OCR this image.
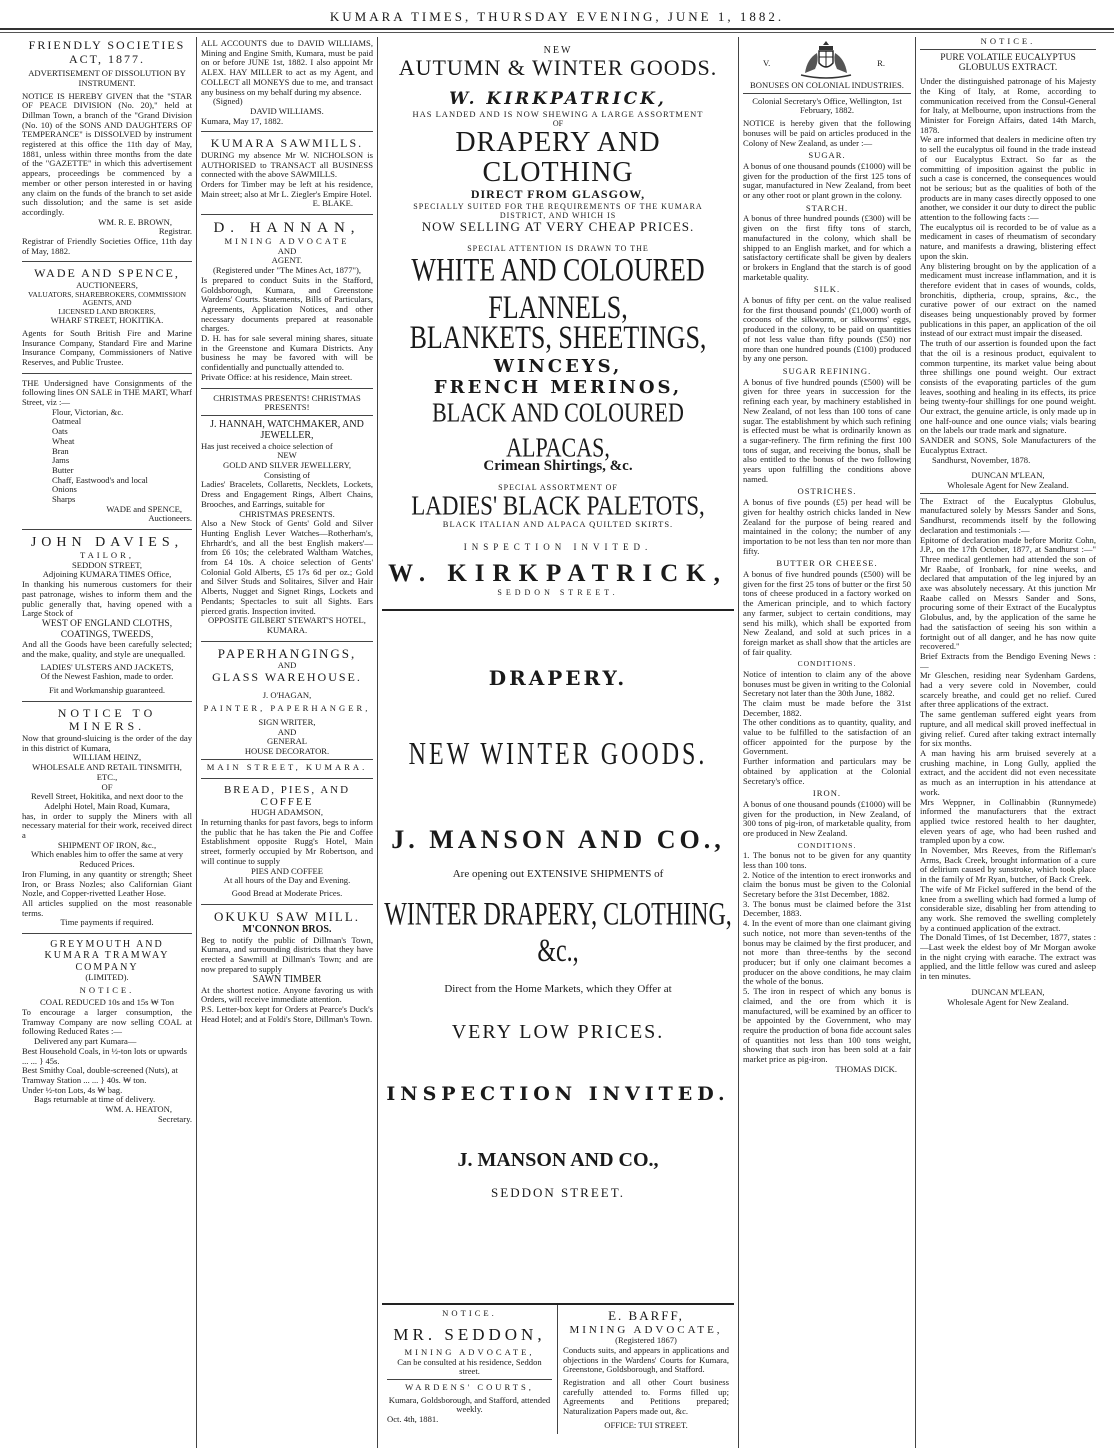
KUMARA TIMES, THURSDAY EVENING, JUNE 1, 1882.
FRIENDLY SOCIETIES ACT, 1877.
ADVERTISEMENT OF DISSOLUTION BY INSTRUMENT.
NOTICE IS HEREBY GIVEN that the "STAR OF PEACE DIVISION (No. 20)," held at Dillman Town, a branch of the "Grand Division (No. 10) of the SONS AND DAUGHTERS OF TEMPERANCE" is DISSOLVED by instrument registered at this office the 11th day of May, 1881, unless within three months from the date of the "GAZETTE" in which this advertisement appears, proceedings be commenced by a member or other person interested in or having any claim on the funds of the branch to set aside such dissolution; and the same is set aside accordingly.
WM. R. E. BROWN,
Registrar.
Registrar of Friendly Societies Office, 11th day of May, 1882.
WADE AND SPENCE,
AUCTIONEERS,
VALUATORS, SHAREBROKERS, COMMISSION AGENTS, AND
LICENSED LAND BROKERS,
WHARF STREET, HOKITIKA.
Agents for South British Fire and Marine Insurance Company, Standard Fire and Marine Insurance Company, Commissioners of Native Reserves, and Public Trustee.
THE Undersigned have Consignments of the following lines ON SALE in THE MART, Wharf Street, viz :—
Flour, Victorian, &c.
Oatmeal
Oats
Wheat
Bran
Jams
Butter
Chaff, Eastwood's and local
Onions
Sharps
WADE and SPENCE,
Auctioneers.
JOHN DAVIES,
TAILOR,
SEDDON STREET,
Adjoining KUMARA TIMES Office,
In thanking his numerous customers for their past patronage, wishes to inform them and the public generally that, having opened with a Large Stock of
WEST OF ENGLAND CLOTHS, COATINGS, TWEEDS,
And all the Goods have been carefully selected; and the make, quality, and style are unequalled.
LADIES' ULSTERS AND JACKETS,
Of the Newest Fashion, made to order.
Fit and Workmanship guaranteed.
NOTICE TO MINERS.
Now that ground-sluicing is the order of the day in this district of Kumara,
WILLIAM HEINZ,
WHOLESALE AND RETAIL TINSMITH, ETC.,
OF
Revell Street, Hokitika, and next door to the Adelphi Hotel, Main Road, Kumara,
has, in order to supply the Miners with all necessary material for their work, received direct a
SHIPMENT OF IRON, &c.,
Which enables him to offer the same at very Reduced Prices.
Iron Fluming, in any quantity or strength; Sheet Iron, or Brass Nozles; also Californian Giant Nozle, and Copper-rivetted Leather Hose.
All articles supplied on the most reasonable terms.
Time payments if required.
GREYMOUTH AND KUMARA TRAMWAY COMPANY
(LIMITED).
NOTICE.
COAL REDUCED 10s and 15s ₩ Ton
To encourage a larger consumption, the Tramway Company are now selling COAL at following Reduced Rates :—
Delivered any part Kumara—
Best Household Coals, in ½-ton lots or upwards ... ... } 45s.
Best Smithy Coal, double-screened (Nuts), at Tramway Station ... ... } 40s. ₩ ton.
Under ½-ton Lots, 4s ₩ bag.
Bags returnable at time of delivery.
WM. A. HEATON,
Secretary.
ALL ACCOUNTS due to DAVID WILLIAMS, Mining and Engine Smith, Kumara, must be paid on or before JUNE 1st, 1882. I also appoint Mr ALEX. HAY MILLER to act as my Agent, and COLLECT all MONEYS due to me, and transact any business on my behalf during my absence.
(Signed)
DAVID WILLIAMS.
Kumara, May 17, 1882.
KUMARA SAWMILLS.
DURING my absence Mr W. NICHOLSON is AUTHORISED to TRANSACT all BUSINESS connected with the above SAWMILLS.
Orders for Timber may be left at his residence, Main street; also at Mr L. Ziegler's Empire Hotel.
E. BLAKE.
D. HANNAN,
MINING ADVOCATE
AND
AGENT.
(Registered under "The Mines Act, 1877"),
Is prepared to conduct Suits in the Stafford, Goldsborough, Kumara, and Greenstone Wardens' Courts. Statements, Bills of Particulars, Agreements, Application Notices, and other necessary documents prepared at reasonable charges.
D. H. has for sale several mining shares, situate in the Greenstone and Kumara Districts. Any business he may be favored with will be confidentially and punctually attended to.
Private Office: at his residence, Main street.
CHRISTMAS PRESENTS! CHRISTMAS PRESENTS!
J. HANNAH, WATCHMAKER, AND JEWELLER,
Has just received a choice selection of
NEW
GOLD AND SILVER JEWELLERY,
Consisting of
Ladies' Bracelets, Collaretts, Necklets, Lockets, Dress and Engagement Rings, Albert Chains, Brooches, and Earrings, suitable for
CHRISTMAS PRESENTS.
Also a New Stock of Gents' Gold and Silver Hunting English Lever Watches—Rotherham's, Ehrhardt's, and all the best English makers'—from £6 10s; the celebrated Waltham Watches, from £4 10s. A choice selection of Gents' Colonial Gold Alberts, £5 17s 6d per oz.; Gold and Silver Studs and Solitaires, Silver and Hair Alberts, Nugget and Signet Rings, Lockets and Pendants; Spectacles to suit all Sights. Ears pierced gratis. Inspection invited.
OPPOSITE GILBERT STEWART'S HOTEL, KUMARA.
PAPERHANGINGS,
AND
GLASS WAREHOUSE.
J. O'HAGAN,
PAINTER, PAPERHANGER,
SIGN WRITER,
AND
GENERAL
HOUSE DECORATOR.
MAIN STREET, KUMARA.
BREAD, PIES, AND COFFEE
HUGH ADAMSON,
In returning thanks for past favors, begs to inform the public that he has taken the Pie and Coffee Establishment opposite Rugg's Hotel, Main street, formerly occupied by Mr Robertson, and will continue to supply
PIES AND COFFEE
At all hours of the Day and Evening.
Good Bread at Moderate Prices.
OKUKU SAW MILL.
M'CONNON BROS.
Beg to notify the public of Dillman's Town, Kumara, and surrounding districts that they have erected a Sawmill at Dillman's Town; and are now prepared to supply
SAWN TIMBER
At the shortest notice. Anyone favoring us with Orders, will receive immediate attention.
P.S. Letter-box kept for Orders at Pearce's Duck's Head Hotel; and at Foldi's Store, Dillman's Town.
NEW
AUTUMN & WINTER GOODS.
W. KIRKPATRICK,
HAS LANDED AND IS NOW SHEWING A LARGE ASSORTMENT
OF
DRAPERY AND CLOTHING
DIRECT FROM GLASGOW,
SPECIALLY SUITED FOR THE REQUIREMENTS OF THE KUMARA DISTRICT, AND WHICH IS
NOW SELLING AT VERY CHEAP PRICES.
SPECIAL ATTENTION IS DRAWN TO THE
WHITE AND COLOURED FLANNELS,
BLANKETS, SHEETINGS,
WINCEYS,
FRENCH MERINOS,
BLACK AND COLOURED ALPACAS,
Crimean Shirtings, &c.
SPECIAL ASSORTMENT OF
LADIES' BLACK PALETOTS,
BLACK ITALIAN AND ALPACA QUILTED SKIRTS.
INSPECTION INVITED.
W. KIRKPATRICK,
SEDDON STREET.
DRAPERY.
NEW WINTER GOODS.
J. MANSON AND CO.,
Are opening out EXTENSIVE SHIPMENTS of
WINTER DRAPERY, CLOTHING, &c.,
Direct from the Home Markets, which they Offer at
VERY LOW PRICES.
INSPECTION INVITED.
J. MANSON AND CO.,
SEDDON STREET.
NOTICE.
MR. SEDDON,
MINING ADVOCATE,
Can be consulted at his residence, Seddon street.
WARDENS' COURTS,
Kumara, Goldsborough, and Stafford, attended weekly.
Oct. 4th, 1881.
E. BARFF,
MINING ADVOCATE,
(Registered 1867)
Conducts suits, and appears in applications and objections in the Wardens' Courts for Kumara, Greenstone, Goldsborough, and Stafford.
Registration and all other Court business carefully attended to. Forms filled up; Agreements and Petitions prepared; Naturalization Papers made out, &c.
OFFICE: TUI STREET.
V.	R.
BONUSES ON COLONIAL INDUSTRIES.
Colonial Secretary's Office, Wellington, 1st February, 1882.
NOTICE is hereby given that the following bonuses will be paid on articles produced in the Colony of New Zealand, as under :—
SUGAR.
A bonus of one thousand pounds (£1000) will be given for the production of the first 125 tons of sugar, manufactured in New Zealand, from beet or any other root or plant grown in the colony.
STARCH.
A bonus of three hundred pounds (£300) will be given on the first fifty tons of starch, manufactured in the colony, which shall be shipped to an English market, and for which a satisfactory certificate shall be given by dealers or brokers in England that the starch is of good marketable quality.
SILK.
A bonus of fifty per cent. on the value realised for the first thousand pounds' (£1,000) worth of cocoons of the silkworm, or silkworms' eggs, produced in the colony, to be paid on quantities of not less value than fifty pounds (£50) nor more than one hundred pounds (£100) produced by any one person.
SUGAR REFINING.
A bonus of five hundred pounds (£500) will be given for three years in succession for the refining each year, by machinery established in New Zealand, of not less than 100 tons of cane sugar. The establishment by which such refining is effected must be what is ordinarily known as a sugar-refinery. The firm refining the first 100 tons of sugar, and receiving the bonus, shall be also entitled to the bonus of the two following years upon fulfilling the conditions above named.
OSTRICHES.
A bonus of five pounds (£5) per head will be given for healthy ostrich chicks landed in New Zealand for the purpose of being reared and maintained in the colony; the number of any importation to be not less than ten nor more than fifty.
BUTTER OR CHEESE.
A bonus of five hundred pounds (£500) will be given for the first 25 tons of butter or the first 50 tons of cheese produced in a factory worked on the American principle, and to which factory any farmer, subject to certain conditions, may send his milk), which shall be exported from New Zealand, and sold at such prices in a foreign market as shall show that the articles are of fair quality.
CONDITIONS.
Notice of intention to claim any of the above bonuses must be given in writing to the Colonial Secretary not later than the 30th June, 1882.
The claim must be made before the 31st December, 1882.
The other conditions as to quantity, quality, and value to be fulfilled to the satisfaction of an officer appointed for the purpose by the Government.
Further information and particulars may be obtained by application at the Colonial Secretary's office.
IRON.
A bonus of one thousand pounds (£1000) will be given for the production, in New Zealand, of 300 tons of pig-iron, of marketable quality, from ore produced in New Zealand.
CONDITIONS.
1. The bonus not to be given for any quantity less than 100 tons.
2. Notice of the intention to erect ironworks and claim the bonus must be given to the Colonial Secretary before the 31st December, 1882.
3. The bonus must be claimed before the 31st December, 1883.
4. In the event of more than one claimant giving such notice, not more than seven-tenths of the bonus may be claimed by the first producer, and not more than three-tenths by the second producer; but if only one claimant becomes a producer on the above conditions, he may claim the whole of the bonus.
5. The iron in respect of which any bonus is claimed, and the ore from which it is manufactured, will be examined by an officer to be appointed by the Government, who may require the production of bona fide account sales of quantities not less than 100 tons weight, showing that such iron has been sold at a fair market price as pig-iron.
THOMAS DICK.
NOTICE.
PURE VOLATILE EUCALYPTUS GLOBULUS EXTRACT.
Under the distinguished patronage of his Majesty the King of Italy, at Rome, according to communication received from the Consul-General for Italy, at Melbourne, upon instructions from the Minister for Foreign Affairs, dated 14th March, 1878.
We are informed that dealers in medicine often try to sell the eucalyptus oil found in the trade instead of our Eucalyptus Extract. So far as the committing of imposition against the public in such a case is concerned, the consequences would not be serious; but as the qualities of both of the products are in many cases directly opposed to one another, we consider it our duty to direct the public attention to the following facts :—
The eucalyptus oil is recorded to be of value as a medicament in cases of rheumatism of secondary nature, and manifests a drawing, blistering effect upon the skin.
Any blistering brought on by the application of a medicament must increase inflammation, and it is therefore evident that in cases of wounds, colds, bronchitis, diptheria, croup, sprains, &c., the curative power of our extract on the named diseases being unquestionably proved by former publications in this paper, an application of the oil instead of our extract must impair the diseased.
The truth of our assertion is founded upon the fact that the oil is a resinous product, equivalent to common turpentine, its market value being about three shillings one pound weight. Our extract consists of the evaporating particles of the gum leaves, soothing and healing in its effects, its price being twenty-four shillings for one pound weight. Our extract, the genuine article, is only made up in one half-ounce and one ounce vials; vials bearing on the labels our trade mark and signature.
SANDER and SONS, Sole Manufacturers of the Eucalyptus Extract.
Sandhurst, November, 1878.
DUNCAN M'LEAN,
Wholesale Agent for New Zealand.
The Extract of the Eucalyptus Globulus, manufactured solely by Messrs Sander and Sons, Sandhurst, recommends itself by the following declaration and testimonials :—
Epitome of declaration made before Moritz Cohn, J.P., on the 17th October, 1877, at Sandhurst :—" Three medical gentlemen had attended the son of Mr Raabe, of Ironbark, for nine weeks, and declared that amputation of the leg injured by an axe was absolutely necessary. At this junction Mr Raabe called on Messrs Sander and Sons, procuring some of their Extract of the Eucalyptus Globulus, and, by the application of the same he had the satisfaction of seeing his son within a fortnight out of all danger, and he has now quite recovered."
Brief Extracts from the Bendigo Evening News :—
Mr Gleschen, residing near Sydenham Gardens, had a very severe cold in November, could scarcely breathe, and could get no relief. Cured after three applications of the extract.
The same gentleman suffered eight years from rupture, and all medical skill proved ineffectual in giving relief. Cured after taking extract internally for six months.
A man having his arm bruised severely at a crushing machine, in Long Gully, applied the extract, and the accident did not even necessitate as much as an interruption in his attendance at work.
Mrs Weppner, in Collinabbin (Runnymede) informed the manufacturers that the extract applied twice restored health to her daughter, eleven years of age, who had been rushed and trampled upon by a cow.
In November, Mrs Reeves, from the Rifleman's Arms, Back Creek, brought information of a cure of delirium caused by sunstroke, which took place in the family of Mr Ryan, butcher, of Back Creek.
The wife of Mr Fickel suffered in the bend of the knee from a swelling which had formed a lump of considerable size, disabling her from attending to any work. She removed the swelling completely by a continued application of the extract.
The Donald Times, of 1st December, 1877, states :—Last week the eldest boy of Mr Morgan awoke in the night crying with earache. The extract was applied, and the little fellow was cured and asleep in ten minutes.
DUNCAN M'LEAN,
Wholesale Agent for New Zealand.
